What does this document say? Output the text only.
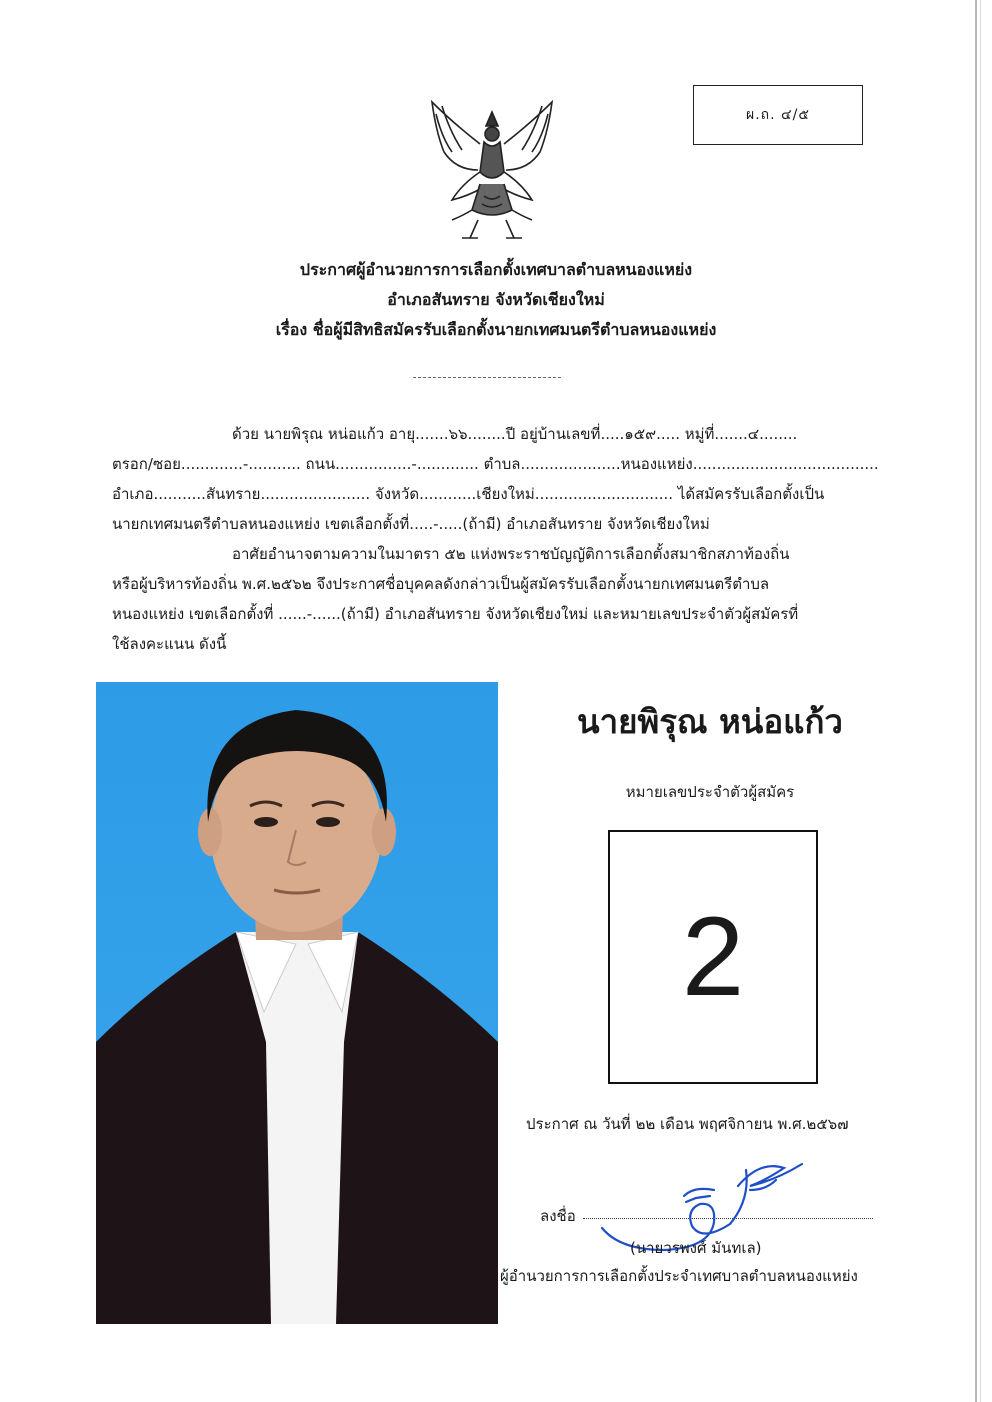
ผ.ถ. ๔/๕
ประกาศผู้อำนวยการการเลือกตั้งเทศบาลตำบลหนองแหย่ง
อำเภอสันทราย จังหวัดเชียงใหม่
เรื่อง ชื่อผู้มีสิทธิสมัครรับเลือกตั้งนายกเทศมนตรีตำบลหนองแหย่ง
ด้วย นายพิรุณ หน่อแก้ว อายุ.......๖๖........ปี อยู่บ้านเลขที่.....๑๕๙..... หมู่ที่.......๔........
ตรอก/ซอย.............-........... ถนน................-............. ตำบล.....................หนองแหย่ง.......................................
อำเภอ...........สันทราย....................... จังหวัด............เชียงใหม่............................. ได้สมัครรับเลือกตั้งเป็น
นายกเทศมนตรีตำบลหนองแหย่ง เขตเลือกตั้งที่.....-.....(ถ้ามี) อำเภอสันทราย จังหวัดเชียงใหม่
อาศัยอำนาจตามความในมาตรา ๕๒ แห่งพระราชบัญญัติการเลือกตั้งสมาชิกสภาท้องถิ่น
หรือผู้บริหารท้องถิ่น พ.ศ.๒๕๖๒ จึงประกาศชื่อบุคคลดังกล่าวเป็นผู้สมัครรับเลือกตั้งนายกเทศมนตรีตำบล
หนองแหย่ง เขตเลือกตั้งที่ ......-......(ถ้ามี) อำเภอสันทราย จังหวัดเชียงใหม่ และหมายเลขประจำตัวผู้สมัครที่
ใช้ลงคะแนน ดังนี้
นายพิรุณ หน่อแก้ว
หมายเลขประจำตัวผู้สมัคร
2
ประกาศ ณ วันที่ ๒๒ เดือน พฤศจิกายน พ.ศ.๒๕๖๗
ลงชื่อ
(นายวรพงศ์ มันทเล)
ผู้อำนวยการการเลือกตั้งประจำเทศบาลตำบลหนองแหย่ง
